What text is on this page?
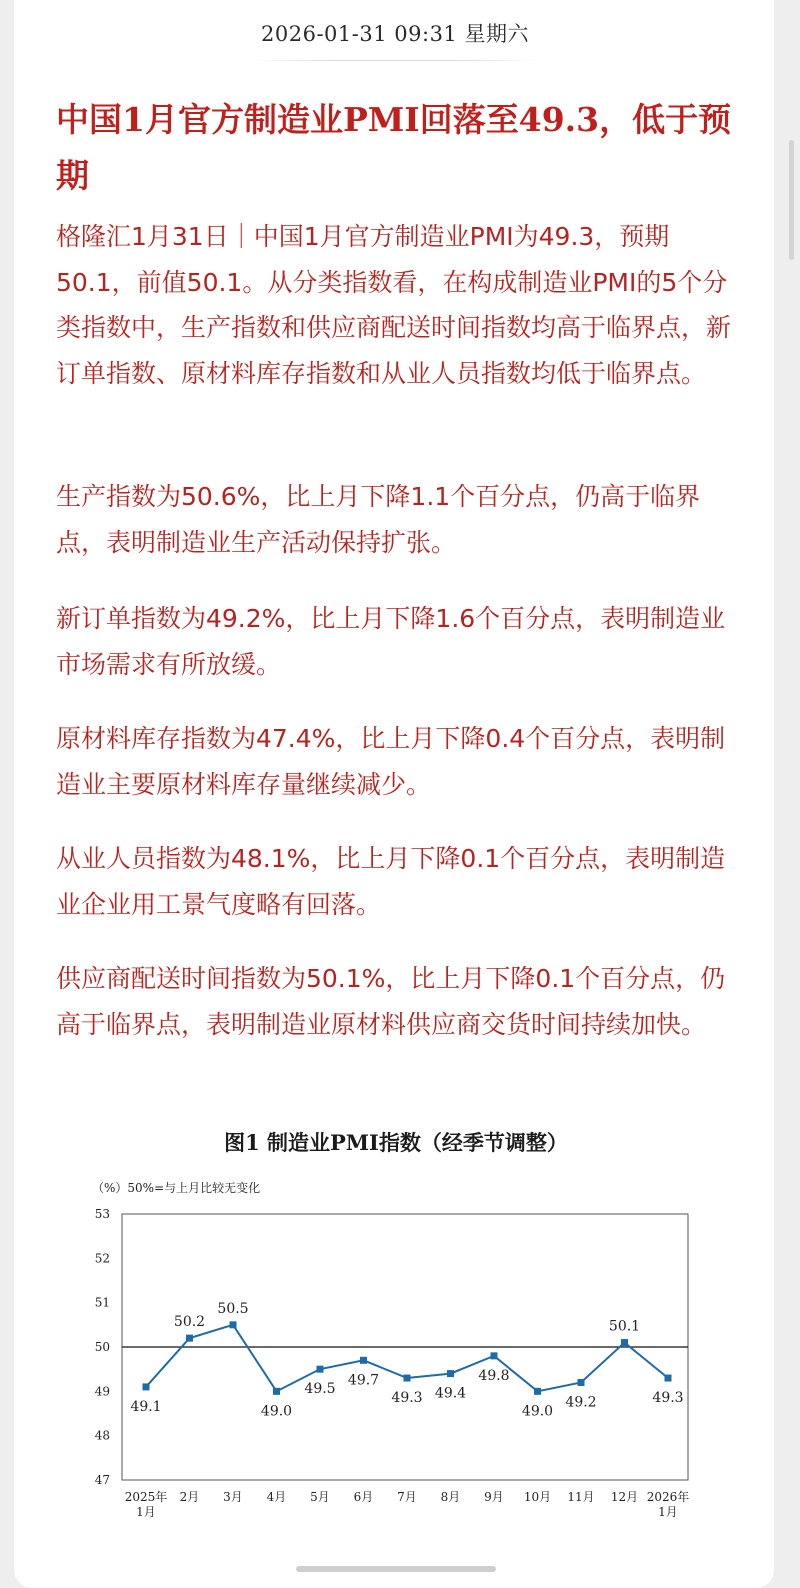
2026-01-31 09:31 星期六
中国1月官方制造业PMI回落至49.3，低于预期

格隆汇1月31日｜中国1月官方制造业PMI为49.3，预期50.1，前值50.1。从分类指数看，在构成制造业PMI的5个分类指数中，生产指数和供应商配送时间指数均高于临界点，新订单指数、原材料库存指数和从业人员指数均低于临界点。

生产指数为50.6%，比上月下降1.1个百分点，仍高于临界点，表明制造业生产活动保持扩张。

新订单指数为49.2%，比上月下降1.6个百分点，表明制造业市场需求有所放缓。

原材料库存指数为47.4%，比上月下降0.4个百分点，表明制造业主要原材料库存量继续减少。

从业人员指数为48.1%，比上月下降0.1个百分点，表明制造业企业用工景气度略有回落。

供应商配送时间指数为50.1%，比上月下降0.1个百分点，仍高于临界点，表明制造业原材料供应商交货时间持续加快。

图1 制造业PMI指数（经季节调整）
（%）50%=与上月比较无变化
47
48
49
50
51
52
53
2025年
1月
2月 3月 4月 5月 6月 7月 8月 9月 10月 11月 12月 2026年
1月
49.1
50.2
50.5
49.0
49.5
49.7
49.3 49.4
49.8
49.0
49.2
50.1
49.3
